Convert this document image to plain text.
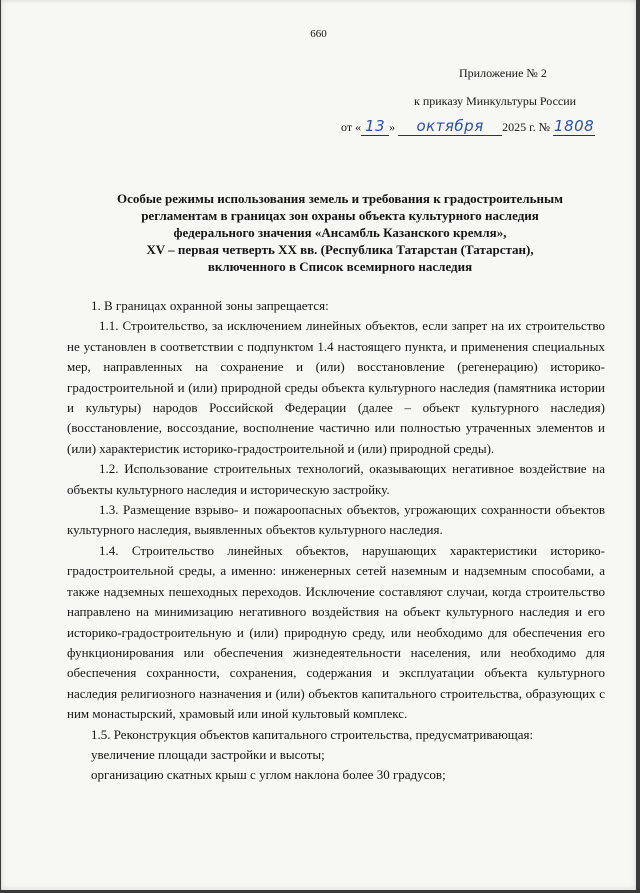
660
Приложение № 2
к приказу Минкультуры России
от « 13 » октября 2025 г. № 1808
Особые режимы использования земель и требования к градостроительным
регламентам в границах зон охраны объекта культурного наследия
федерального значения «Ансамбль Казанского кремля»,
XV – первая четверть XX вв. (Республика Татарстан (Татарстан),
включенного в Список всемирного наследия

1. В границах охранной зоны запрещается:

1.1. Строительство, за исключением линейных объектов, если запрет на их строительство не установлен в соответствии с подпунктом 1.4 настоящего пункта, и применения специальных мер, направленных на сохранение и (или) восстановление (регенерацию) историко-градостроительной и (или) природной среды объекта культурного наследия (памятника истории и культуры) народов Российской Федерации (далее – объект культурного наследия) (восстановление, воссоздание, восполнение частично или полностью утраченных элементов и (или) характеристик историко-градостроительной и (или) природной среды).

1.2. Использование строительных технологий, оказывающих негативное воздействие на объекты культурного наследия и историческую застройку.

1.3. Размещение взрыво- и пожароопасных объектов, угрожающих сохранности объектов культурного наследия, выявленных объектов культурного наследия.

1.4. Строительство линейных объектов, нарушающих характеристики историко-градостроительной среды, а именно: инженерных сетей наземным и надземным способами, а также надземных пешеходных переходов. Исключение составляют случаи, когда строительство направлено на минимизацию негативного воздействия на объект культурного наследия и его историко-градостроительную и (или) природную среду, или необходимо для обеспечения его функционирования или обеспечения жизнедеятельности населения, или необходимо для обеспечения сохранности, сохранения, содержания и эксплуатации объекта культурного наследия религиозного назначения и (или) объектов капитального строительства, образующих с ним монастырский, храмовый или иной культовый комплекс.

1.5. Реконструкция объектов капитального строительства, предусматривающая:

увеличение площади застройки и высоты;

организацию скатных крыш с углом наклона более 30 градусов;
